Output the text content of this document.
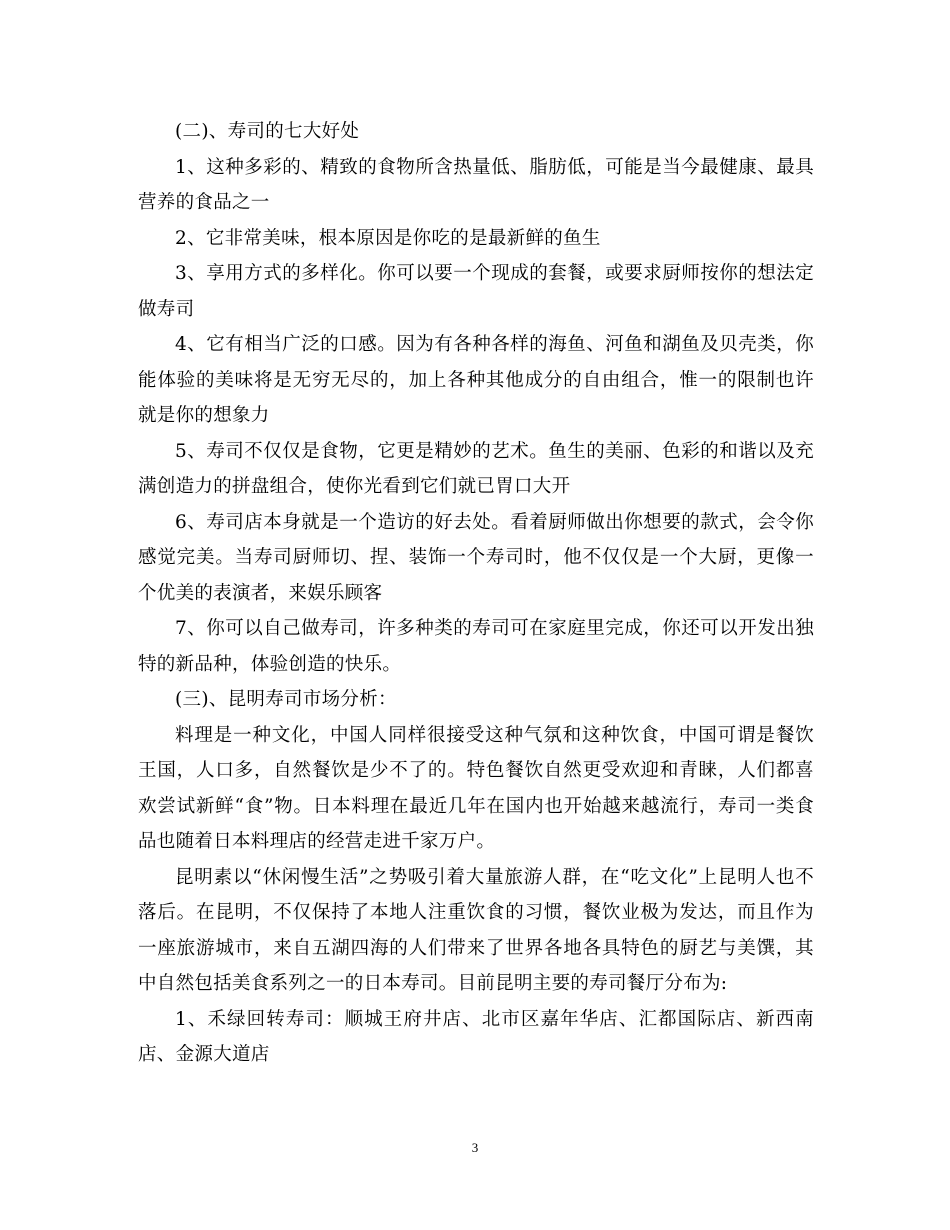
(二)、寿司的七大好处

1、这种多彩的、精致的食物所含热量低、脂肪低，可能是当今最健康、最具营养的食品之一

2、它非常美味，根本原因是你吃的是最新鲜的鱼生

3、享用方式的多样化。你可以要一个现成的套餐，或要求厨师按你的想法定做寿司

4、它有相当广泛的口感。因为有各种各样的海鱼、河鱼和湖鱼及贝壳类，你能体验的美味将是无穷无尽的，加上各种其他成分的自由组合，惟一的限制也许就是你的想象力

5、寿司不仅仅是食物，它更是精妙的艺术。鱼生的美丽、色彩的和谐以及充满创造力的拼盘组合，使你光看到它们就已胃口大开

6、寿司店本身就是一个造访的好去处。看着厨师做出你想要的款式，会令你感觉完美。当寿司厨师切、捏、装饰一个寿司时，他不仅仅是一个大厨，更像一个优美的表演者，来娱乐顾客

7、你可以自己做寿司，许多种类的寿司可在家庭里完成，你还可以开发出独特的新品种，体验创造的快乐。

(三)、昆明寿司市场分析：

料理是一种文化，中国人同样很接受这种气氛和这种饮食，中国可谓是餐饮王国，人口多，自然餐饮是少不了的。特色餐饮自然更受欢迎和青睐，人们都喜欢尝试新鲜“食”物。日本料理在最近几年在国内也开始越来越流行，寿司一类食品也随着日本料理店的经营走进千家万户。

昆明素以“休闲慢生活”之势吸引着大量旅游人群，在“吃文化”上昆明人也不落后。在昆明，不仅保持了本地人注重饮食的习惯，餐饮业极为发达，而且作为一座旅游城市，来自五湖四海的人们带来了世界各地各具特色的厨艺与美馔，其中自然包括美食系列之一的日本寿司。目前昆明主要的寿司餐厅分布为:

1、禾绿回转寿司：顺城王府井店、北市区嘉年华店、汇都国际店、新西南店、金源大道店

3
